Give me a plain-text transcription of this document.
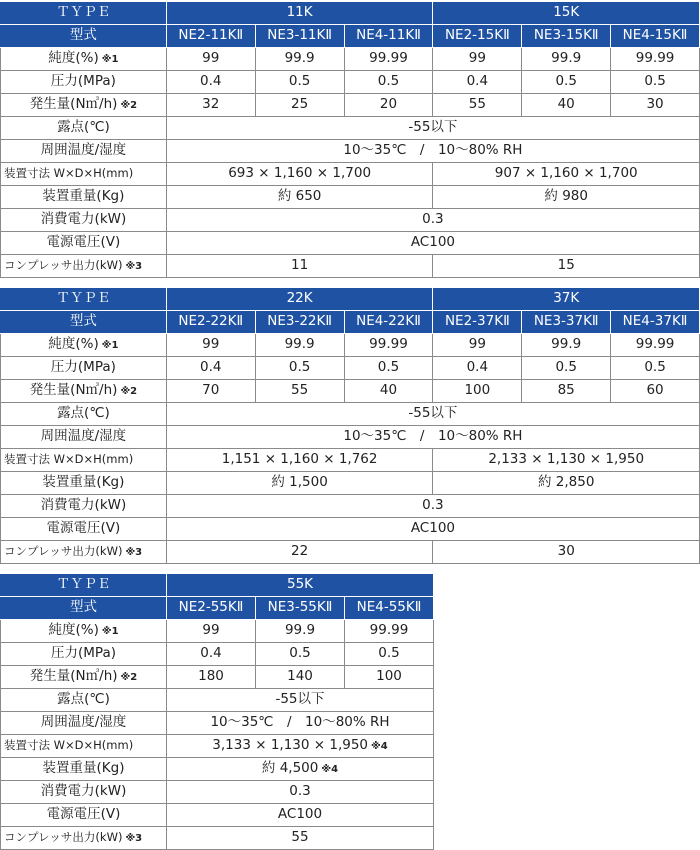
ＴＹＰＥ	11K			15K		
型式	NE2-11KⅡ	NE3-11KⅡ	NE4-11KⅡ	NE2-15KⅡ	NE3-15KⅡ	NE4-15KⅡ
純度(%) ※1	99	99.9	99.99	99	99.9	99.99
圧力(MPa)	0.4	0.5	0.5	0.4	0.5	0.5
発生量(N㎥/h) ※2	32	25	20	55	40	30
露点(℃)	-55以下					
周囲温度/湿度	10～35℃　/　10～80% RH					
装置寸法 W×D×H(mm)	693 × 1,160 × 1,700			907 × 1,160 × 1,700		
装置重量(Kg)	約 650			約 980		
消費電力(kW)	0.3					
電源電圧(V)	AC100					
コンプレッサ出力(kW) ※3	11			15		
ＴＹＰＥ	22K			37K		
型式	NE2-22KⅡ	NE3-22KⅡ	NE4-22KⅡ	NE2-37KⅡ	NE3-37KⅡ	NE4-37KⅡ
純度(%) ※1	99	99.9	99.99	99	99.9	99.99
圧力(MPa)	0.4	0.5	0.5	0.4	0.5	0.5
発生量(N㎥/h) ※2	70	55	40	100	85	60
露点(℃)	-55以下					
周囲温度/湿度	10～35℃　/　10～80% RH					
装置寸法 W×D×H(mm)	1,151 × 1,160 × 1,762			2,133 × 1,130 × 1,950		
装置重量(Kg)	約 1,500			約 2,850		
消費電力(kW)	0.3					
電源電圧(V)	AC100					
コンプレッサ出力(kW) ※3	22			30		
ＴＹＰＥ	55K		
型式	NE2-55KⅡ	NE3-55KⅡ	NE4-55KⅡ
純度(%) ※1	99	99.9	99.99
圧力(MPa)	0.4	0.5	0.5
発生量(N㎥/h) ※2	180	140	100
露点(℃)	-55以下		
周囲温度/湿度	10～35℃　/　10～80% RH		
装置寸法 W×D×H(mm)	3,133 × 1,130 × 1,950 ※4		
装置重量(Kg)	約 4,500 ※4		
消費電力(kW)	0.3		
電源電圧(V)	AC100		
コンプレッサ出力(kW) ※3	55		
